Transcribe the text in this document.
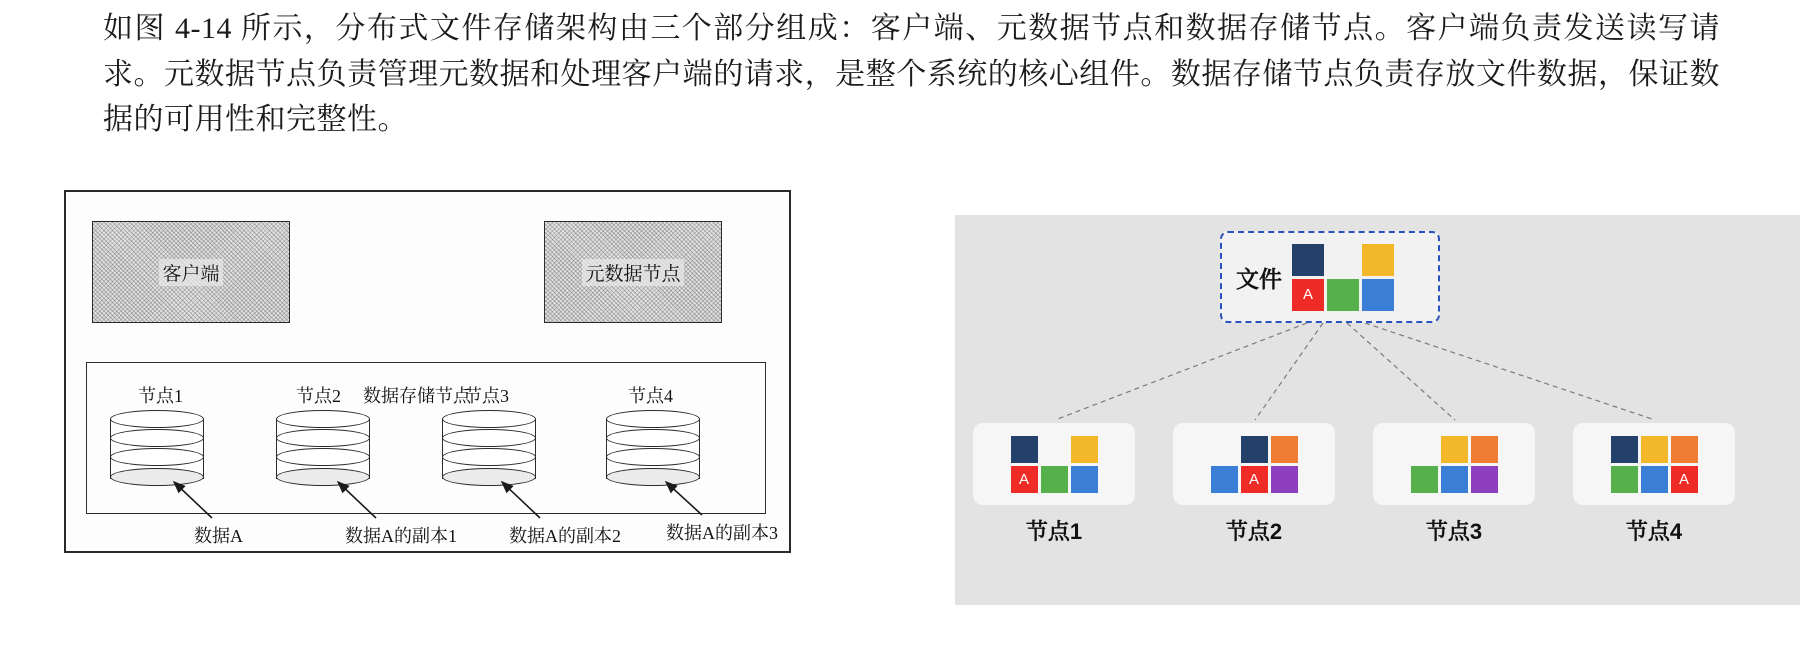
如图 4-14 所示，分布式文件存储架构由三个部分组成：客户端、元数据节点和数据存储节点。客户端负责发送读写请求。元数据节点负责管理元数据和处理客户端的请求，是整个系统的核心组件。数据存储节点负责存放文件数据，保证数据的可用性和完整性。

客户端	元数据节点
数据存储节点
节点1	节点2	节点3	节点4
数据A	数据A的副本1	数据A的副本2	数据A的副本3
文件
A
A
节点1
A
节点2	节点3
A
节点4
